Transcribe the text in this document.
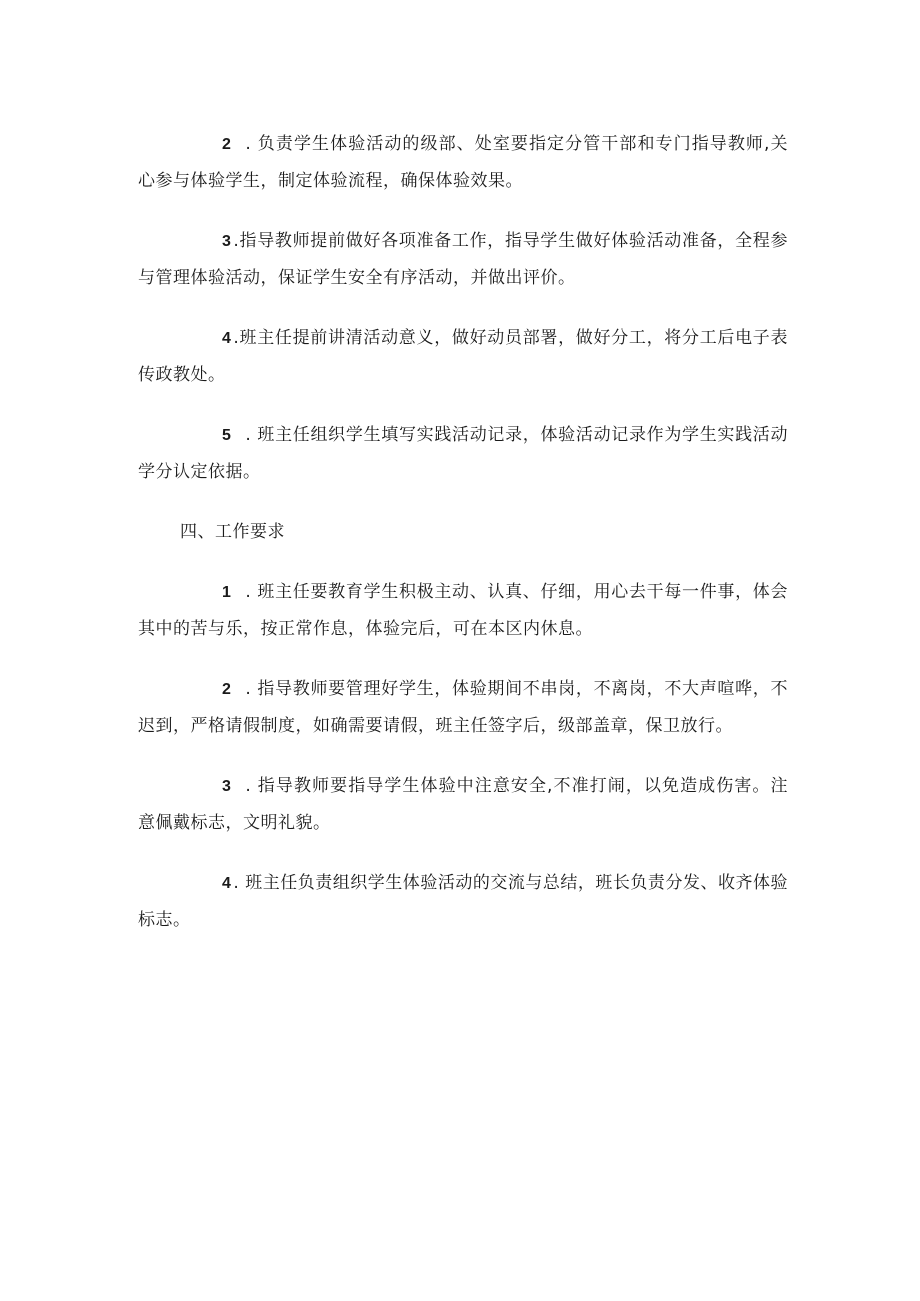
2 . 负责学生体验活动的级部、处室要指定分管干部和专门指导教师,关心参与体验学生，制定体验流程，确保体验效果。

3 .指导教师提前做好各项准备工作，指导学生做好体验活动准备，全程参与管理体验活动，保证学生安全有序活动，并做出评价。

4 .班主任提前讲清活动意义，做好动员部署，做好分工，将分工后电子表传政教处。

5 . 班主任组织学生填写实践活动记录，体验活动记录作为学生实践活动学分认定依据。

四、工作要求

1 . 班主任要教育学生积极主动、认真、仔细，用心去干每一件事，体会其中的苦与乐，按正常作息，体验完后，可在本区内休息。

2 . 指导教师要管理好学生，体验期间不串岗，不离岗，不大声喧哗，不迟到，严格请假制度，如确需要请假，班主任签字后，级部盖章，保卫放行。

3 . 指导教师要指导学生体验中注意安全,不准打闹，以免造成伤害。注意佩戴标志，文明礼貌。

4 . 班主任负责组织学生体验活动的交流与总结，班长负责分发、收齐体验标志。
